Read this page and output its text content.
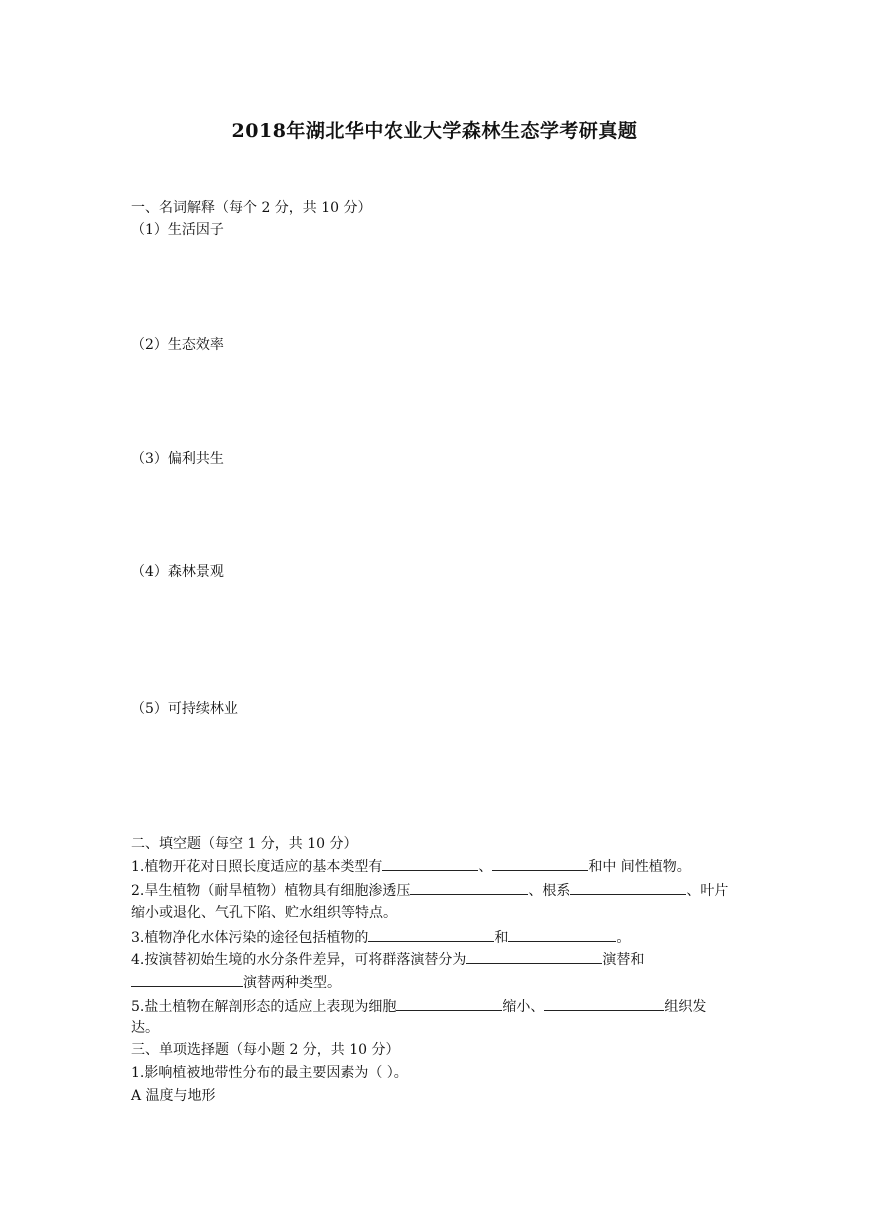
2018年湖北华中农业大学森林生态学考研真题
一、名词解释（每个 2 分，共 10 分）
（1）生活因子
（2）生态效率
（3）偏利共生
（4）森林景观
（5）可持续林业
二、填空题（每空 1 分，共 10 分）
1.植物开花对日照长度适应的基本类型有	、	和中 间性植物。
2.旱生植物（耐旱植物）植物具有细胞渗透压	、根系	、叶片
缩小或退化、气孔下陷、贮水组织等特点。
3.植物净化水体污染的途径包括植物的	和	。
4.按演替初始生境的水分条件差异，可将群落演替分为	演替和
演替两种类型。
5.盐土植物在解剖形态的适应上表现为细胞	缩小、	组织发
达。
三、单项选择题（每小题 2 分，共 10 分）
1.影响植被地带性分布的最主要因素为（ ）。
A 温度与地形
